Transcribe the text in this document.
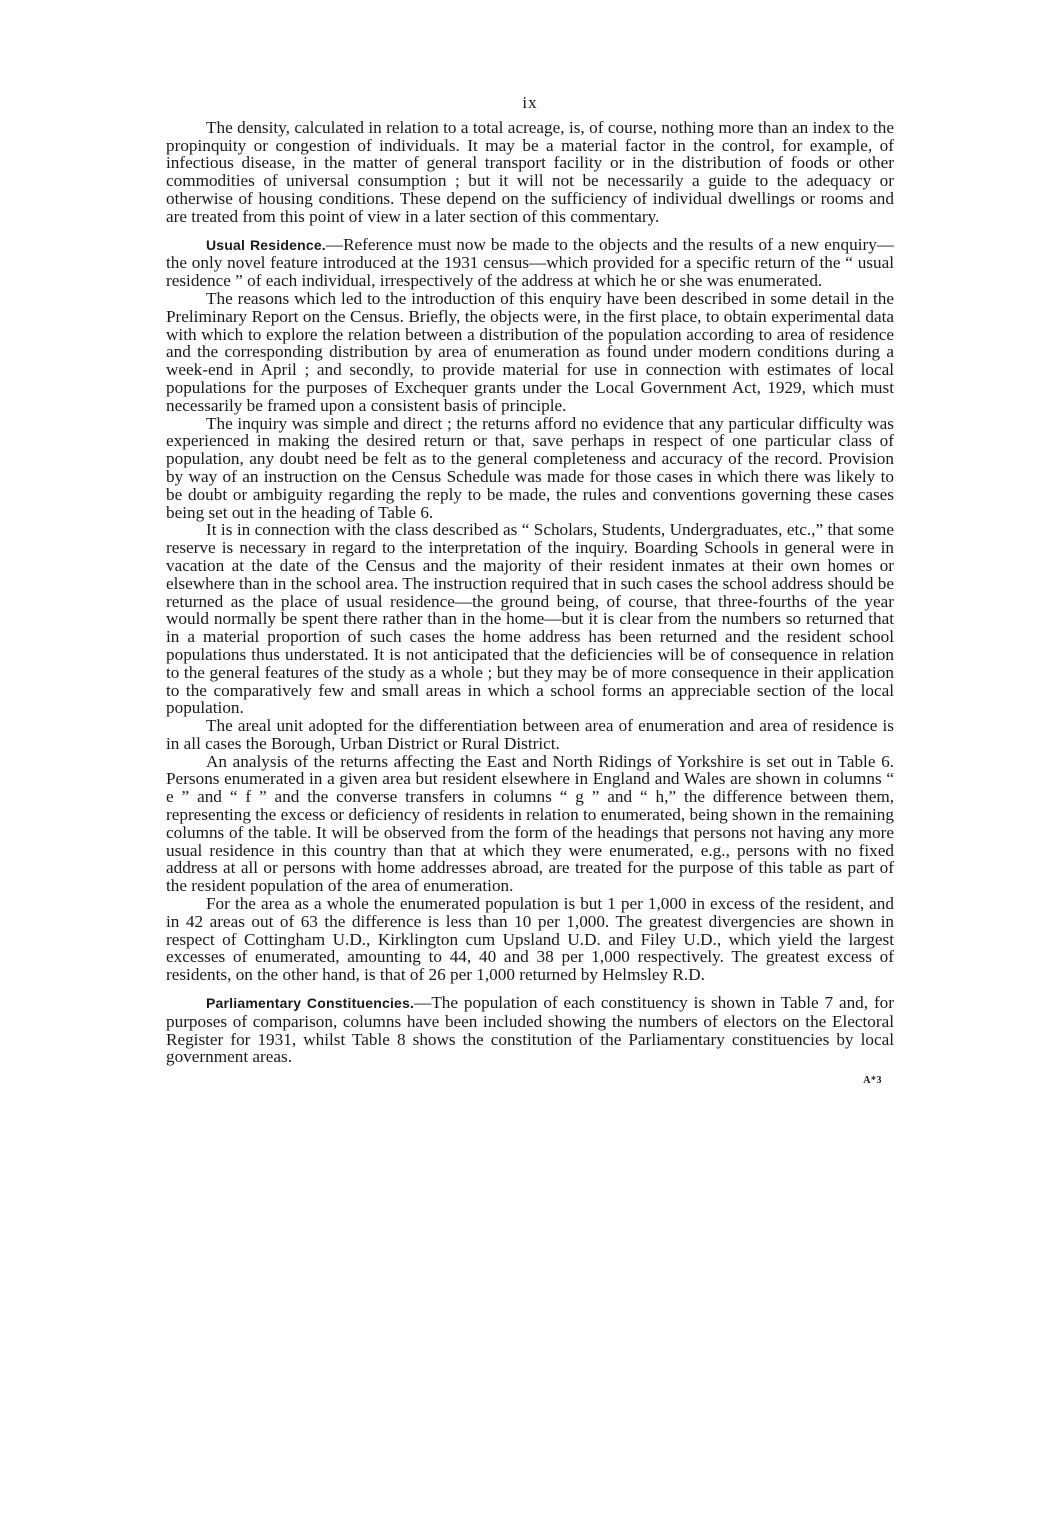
ix

The density, calculated in relation to a total acreage, is, of course, nothing more than an index to the propinquity or congestion of individuals. It may be a material factor in the control, for example, of infectious disease, in the matter of general transport facility or in the distribution of foods or other commodities of universal consumption ; but it will not be necessarily a guide to the adequacy or otherwise of housing conditions. These depend on the sufficiency of individual dwellings or rooms and are treated from this point of view in a later section of this commentary.

Usual Residence.—Reference must now be made to the objects and the results of a new enquiry—the only novel feature introduced at the 1931 census—which provided for a specific return of the “ usual residence ” of each individual, irrespectively of the address at which he or she was enumerated.

The reasons which led to the introduction of this enquiry have been described in some detail in the Preliminary Report on the Census. Briefly, the objects were, in the first place, to obtain experimental data with which to explore the relation between a distribution of the population according to area of residence and the corresponding distribution by area of enumeration as found under modern conditions during a week-end in April ; and secondly, to provide material for use in connection with estimates of local populations for the purposes of Exchequer grants under the Local Government Act, 1929, which must necessarily be framed upon a consistent basis of principle.

The inquiry was simple and direct ; the returns afford no evidence that any particular difficulty was experienced in making the desired return or that, save perhaps in respect of one particular class of population, any doubt need be felt as to the general completeness and accuracy of the record. Provision by way of an instruction on the Census Schedule was made for those cases in which there was likely to be doubt or ambiguity regarding the reply to be made, the rules and conventions governing these cases being set out in the heading of Table 6.

It is in connection with the class described as “ Scholars, Students, Undergraduates, etc.,” that some reserve is necessary in regard to the interpretation of the inquiry. Boarding Schools in general were in vacation at the date of the Census and the majority of their resident inmates at their own homes or elsewhere than in the school area. The instruction required that in such cases the school address should be returned as the place of usual residence—the ground being, of course, that three-fourths of the year would normally be spent there rather than in the home—but it is clear from the numbers so returned that in a material proportion of such cases the home address has been returned and the resident school populations thus understated. It is not anticipated that the deficiencies will be of consequence in relation to the general features of the study as a whole ; but they may be of more consequence in their application to the comparatively few and small areas in which a school forms an appreciable section of the local population.

The areal unit adopted for the differentiation between area of enumeration and area of residence is in all cases the Borough, Urban District or Rural District.

An analysis of the returns affecting the East and North Ridings of Yorkshire is set out in Table 6. Persons enumerated in a given area but resident elsewhere in England and Wales are shown in columns “ e ” and “ f ” and the converse transfers in columns “ g ” and “ h,” the difference between them, representing the excess or deficiency of residents in relation to enumerated, being shown in the remaining columns of the table. It will be observed from the form of the headings that persons not having any more usual residence in this country than that at which they were enumerated, e.g., persons with no fixed address at all or persons with home addresses abroad, are treated for the purpose of this table as part of the resident population of the area of enumeration.

For the area as a whole the enumerated population is but 1 per 1,000 in excess of the resident, and in 42 areas out of 63 the difference is less than 10 per 1,000. The greatest divergencies are shown in respect of Cottingham U.D., Kirklington cum Upsland U.D. and Filey U.D., which yield the largest excesses of enumerated, amounting to 44, 40 and 38 per 1,000 respectively. The greatest excess of residents, on the other hand, is that of 26 per 1,000 returned by Helmsley R.D.

Parliamentary Constituencies.—The population of each constituency is shown in Table 7 and, for purposes of comparison, columns have been included showing the numbers of electors on the Electoral Register for 1931, whilst Table 8 shows the constitution of the Parliamentary constituencies by local government areas.

A*3
